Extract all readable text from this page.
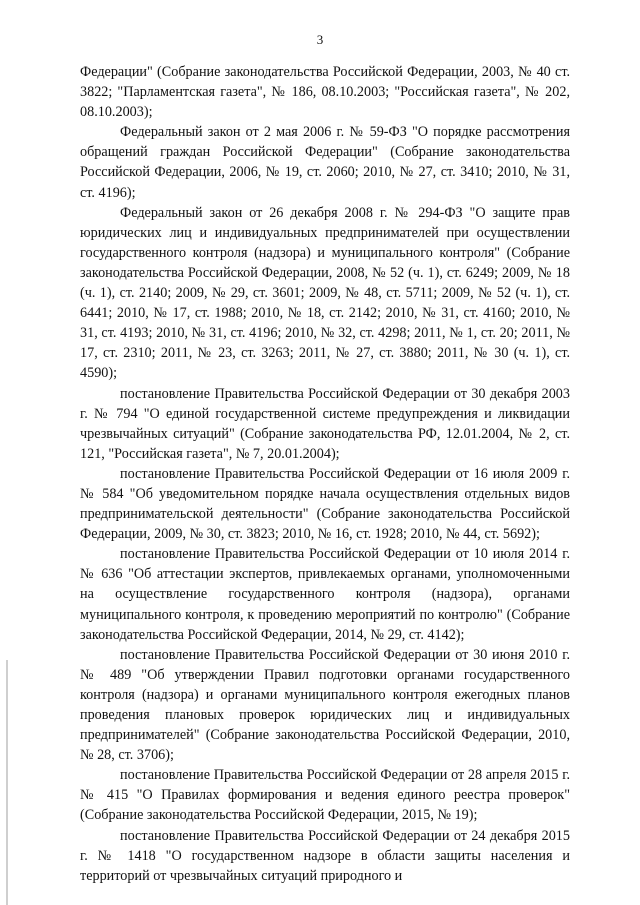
3

Федерации" (Собрание законодательства Российской Федерации, 2003, № 40 ст. 3822; "Парламентская газета", № 186, 08.10.2003; "Российская газета", № 202, 08.10.2003);

Федеральный закон от 2 мая 2006 г. № 59-ФЗ "О порядке рассмотрения обращений граждан Российской Федерации" (Собрание законодательства Российской Федерации, 2006, № 19, ст. 2060; 2010, № 27, ст. 3410; 2010, № 31, ст. 4196);

Федеральный закон от 26 декабря 2008 г. № 294-ФЗ "О защите прав юридических лиц и индивидуальных предпринимателей при осуществлении государственного контроля (надзора) и муниципального контроля" (Собрание законодательства Российской Федерации, 2008, № 52 (ч. 1), ст. 6249; 2009, № 18 (ч. 1), ст. 2140; 2009, № 29, ст. 3601; 2009, № 48, ст. 5711; 2009, № 52 (ч. 1), ст. 6441; 2010, № 17, ст. 1988; 2010, № 18, ст. 2142; 2010, № 31, ст. 4160; 2010, № 31, ст. 4193; 2010, № 31, ст. 4196; 2010, № 32, ст. 4298; 2011, № 1, ст. 20; 2011, № 17, ст. 2310; 2011, № 23, ст. 3263; 2011, № 27, ст. 3880; 2011, № 30 (ч. 1), ст. 4590);

постановление Правительства Российской Федерации от 30 декабря 2003 г. № 794 "О единой государственной системе предупреждения и ликвидации чрезвычайных ситуаций" (Собрание законодательства РФ, 12.01.2004, № 2, ст. 121, "Российская газета", № 7, 20.01.2004);

постановление Правительства Российской Федерации от 16 июля 2009 г. № 584 "Об уведомительном порядке начала осуществления отдельных видов предпринимательской деятельности" (Собрание законодательства Российской Федерации, 2009, № 30, ст. 3823; 2010, № 16, ст. 1928; 2010, № 44, ст. 5692);

постановление Правительства Российской Федерации от 10 июля 2014 г. № 636 "Об аттестации экспертов, привлекаемых органами, уполномоченными на осуществление государственного контроля (надзора), органами муниципального контроля, к проведению мероприятий по контролю" (Собрание законодательства Российской Федерации, 2014, № 29, ст. 4142);

постановление Правительства Российской Федерации от 30 июня 2010 г. № 489 "Об утверждении Правил подготовки органами государственного контроля (надзора) и органами муниципального контроля ежегодных планов проведения плановых проверок юридических лиц и индивидуальных предпринимателей" (Собрание законодательства Российской Федерации, 2010, № 28, ст. 3706);

постановление Правительства Российской Федерации от 28 апреля 2015 г. № 415 "О Правилах формирования и ведения единого реестра проверок" (Собрание законодательства Российской Федерации, 2015, № 19);

постановление Правительства Российской Федерации от 24 декабря 2015 г. № 1418 "О государственном надзоре в области защиты населения и территорий от чрезвычайных ситуаций природного и
